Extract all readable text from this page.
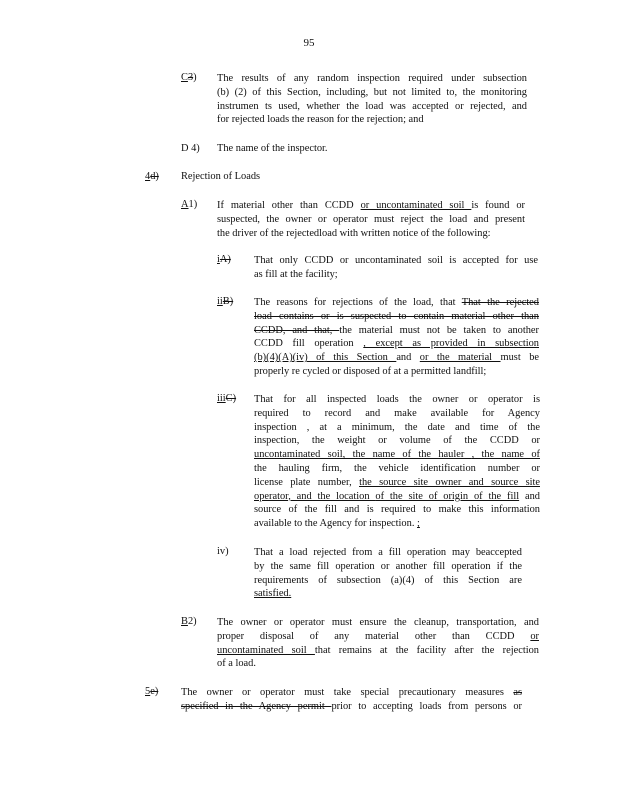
95
C3) The results of any random inspection required under subsection
(b) (2) of this Section, including, but not limited to, the monitoring
instrumen ts used, whether the load was accepted or rejected, and
for rejected loads the reason for the rejection; and
D 4) The name of the inspector.
4d) Rejection of Loads
A1) If material other than CCDD or uncontaminated soil is found or
suspected, the owner or operator must reject the load and present
the driver of the rejectedload with written notice of the following:
iA) That only CCDD or uncontaminated soil is accepted for use
as fill at the facility;
iiB) The reasons for rejections of the load, that That the rejected
load contains or is suspected to contain material other than
CCDD, and that, the material must not be taken to another
CCDD fill operation , except as provided in subsection
(b)(4)(A)(iv) of this Section and or the material must be
properly re cycled or disposed of at a permitted landfill;
iiiC) That for all inspected loads the owner or operator is
required to record and make available for Agency
inspection , at a minimum, the date and time of the
inspection, the weight or volume of the CCDD or
uncontaminated soil, the name of the hauler , the name of
the hauling firm, the vehicle identification number or
license plate number, the source site owner and source site
operator, and the location of the site of origin of the fill and
source of the fill and is required to make this information
available to the Agency for inspection. ;
iv) That a load rejected from a fill operation may beaccepted
by the same fill operation or another fill operation if the
requirements of subsection (a)(4) of this Section are
satisfied.
B2) The owner or operator must ensure the cleanup, transportation, and
proper disposal of any material other than CCDD or
uncontaminated soil that remains at the facility after the rejection
of a load.
5e) The owner or operator must take special precautionary measures as
specified in the Agency permit prior to accepting loads from persons or
